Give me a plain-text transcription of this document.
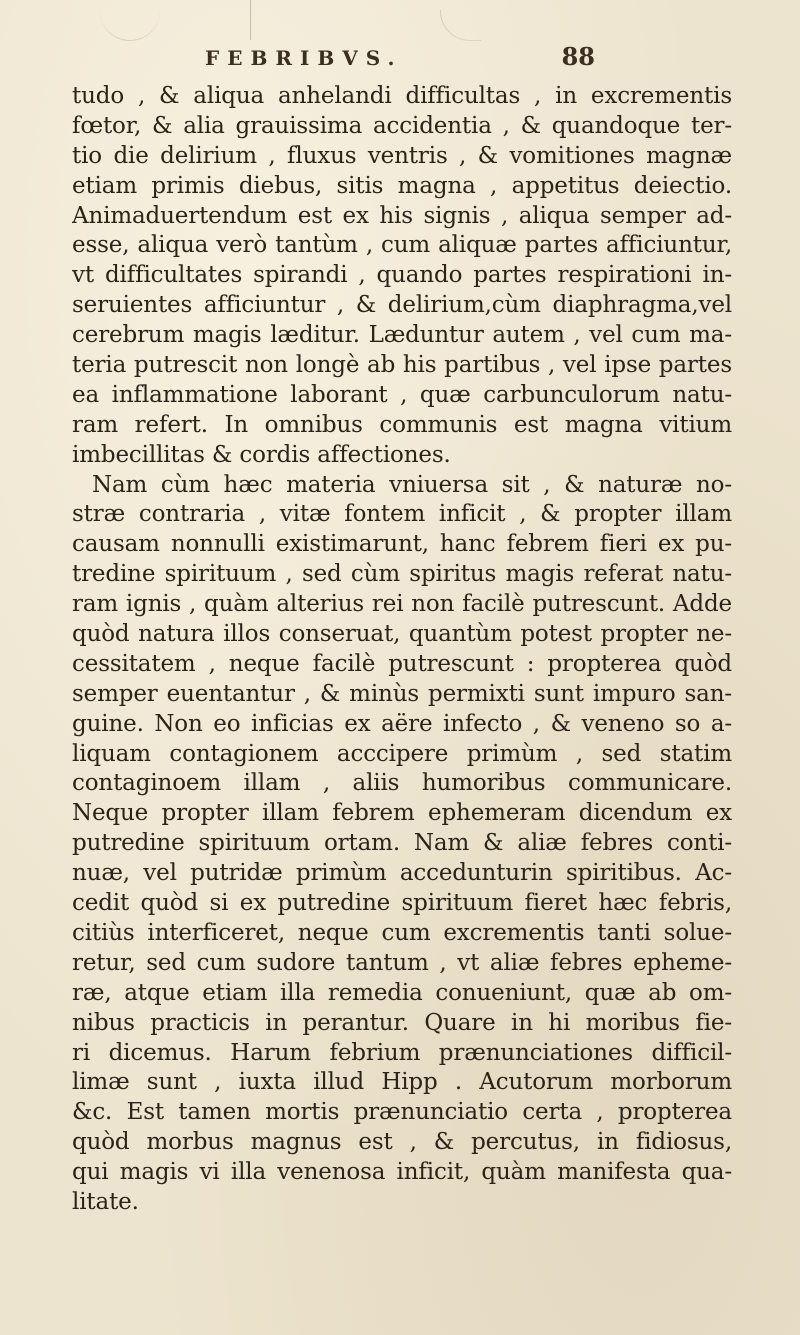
FEBRIBVS.	88
tudo , & aliqua anhelandi difficultas , in excrementis
fœtor, & alia grauissima accidentia , & quandoque ter-
tio die delirium , fluxus ventris , & vomitiones magnæ
etiam primis diebus, sitis magna , appetitus deiectio.
Animaduertendum est ex his signis , aliqua semper ad-
esse, aliqua verò tantùm , cum aliquæ partes afficiuntur,
vt difficultates spirandi , quando partes respirationi in-
seruientes afficiuntur , & delirium,cùm diaphragma,vel
cerebrum magis læditur. Læduntur autem , vel cum ma-
teria putrescit non longè ab his partibus , vel ipse partes
ea inflammatione laborant , quæ carbunculorum natu-
ram refert. In omnibus communis est magna vitium
imbecillitas & cordis affectiones.
Nam cùm hæc materia vniuersa sit , & naturæ no-
stræ contraria , vitæ fontem inficit , & propter illam
causam nonnulli existimarunt, hanc febrem fieri ex pu-
tredine spirituum , sed cùm spiritus magis referat natu-
ram ignis , quàm alterius rei non facilè putrescunt. Adde
quòd natura illos conseruat, quantùm potest propter ne-
cessitatem , neque facilè putrescunt : propterea quòd
semper euentantur , & minùs permixti sunt impuro san-
guine. Non eo inficias ex aëre infecto , & veneno so a-
liquam contagionem acccipere primùm , sed statim
contaginoem illam , aliis humoribus communicare.
Neque propter illam febrem ephemeram dicendum ex
putredine spirituum ortam. Nam & aliæ febres conti-
nuæ, vel putridæ primùm accedunturin spiritibus. Ac-
cedit quòd si ex putredine spirituum fieret hæc febris,
citiùs interficeret, neque cum excrementis tanti solue-
retur, sed cum sudore tantum , vt aliæ febres epheme-
ræ, atque etiam illa remedia conueniunt, quæ ab om-
nibus practicis in perantur. Quare in hi moribus fie-
ri dicemus. Harum febrium prænunciationes difficil-
limæ sunt , iuxta illud Hipp . Acutorum morborum
&c. Est tamen mortis prænunciatio certa , propterea
quòd morbus magnus est , & percutus, in fidiosus,
qui magis vi illa venenosa inficit, quàm manifesta qua-
litate.
